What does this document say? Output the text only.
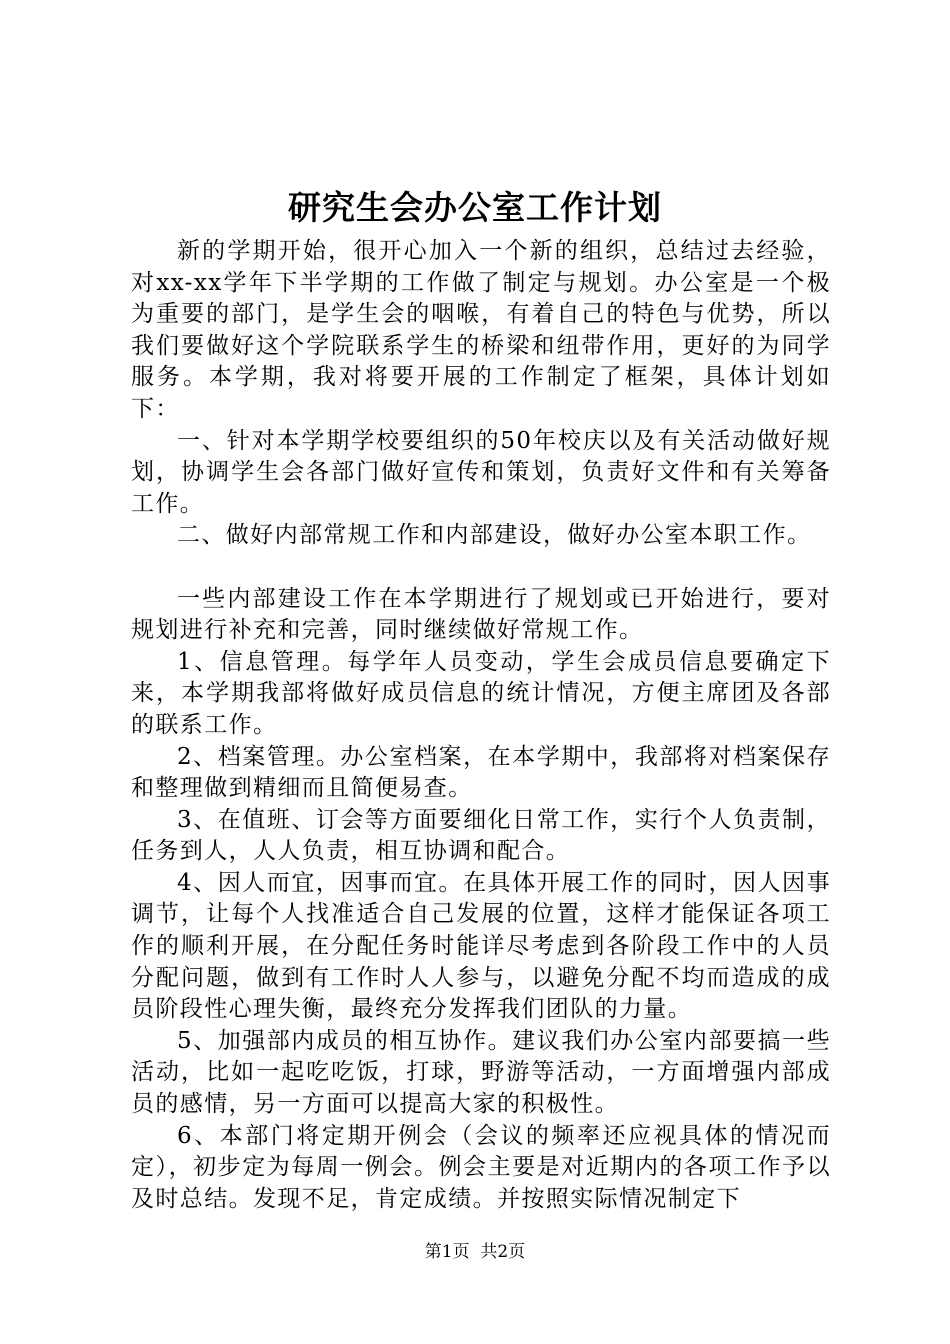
研究生会办公室工作计划

新的学期开始，很开心加入一个新的组织，总结过去经验，对xx-xx学年下半学期的工作做了制定与规划。办公室是一个极为重要的部门，是学生会的咽喉，有着自己的特色与优势，所以我们要做好这个学院联系学生的桥梁和纽带作用，更好的为同学服务。本学期，我对将要开展的工作制定了框架，具体计划如下：

一、针对本学期学校要组织的50年校庆以及有关活动做好规划，协调学生会各部门做好宣传和策划，负责好文件和有关筹备工作。

二、做好内部常规工作和内部建设，做好办公室本职工作。

一些内部建设工作在本学期进行了规划或已开始进行，要对规划进行补充和完善，同时继续做好常规工作。

1、信息管理。每学年人员变动，学生会成员信息要确定下来，本学期我部将做好成员信息的统计情况，方便主席团及各部的联系工作。

2、档案管理。办公室档案，在本学期中，我部将对档案保存和整理做到精细而且简便易查。

3、在值班、订会等方面要细化日常工作，实行个人负责制，任务到人，人人负责，相互协调和配合。

4、因人而宜，因事而宜。在具体开展工作的同时，因人因事调节，让每个人找准适合自己发展的位置，这样才能保证各项工作的顺利开展，在分配任务时能详尽考虑到各阶段工作中的人员分配问题，做到有工作时人人参与，以避免分配不均而造成的成员阶段性心理失衡，最终充分发挥我们团队的力量。

5、加强部内成员的相互协作。建议我们办公室内部要搞一些活动，比如一起吃吃饭，打球，野游等活动，一方面增强内部成员的感情，另一方面可以提高大家的积极性。

6、本部门将定期开例会（会议的频率还应视具体的情况而定），初步定为每周一例会。例会主要是对近期内的各项工作予以及时总结。发现不足，肯定成绩。并按照实际情况制定下

第1页  共2页
